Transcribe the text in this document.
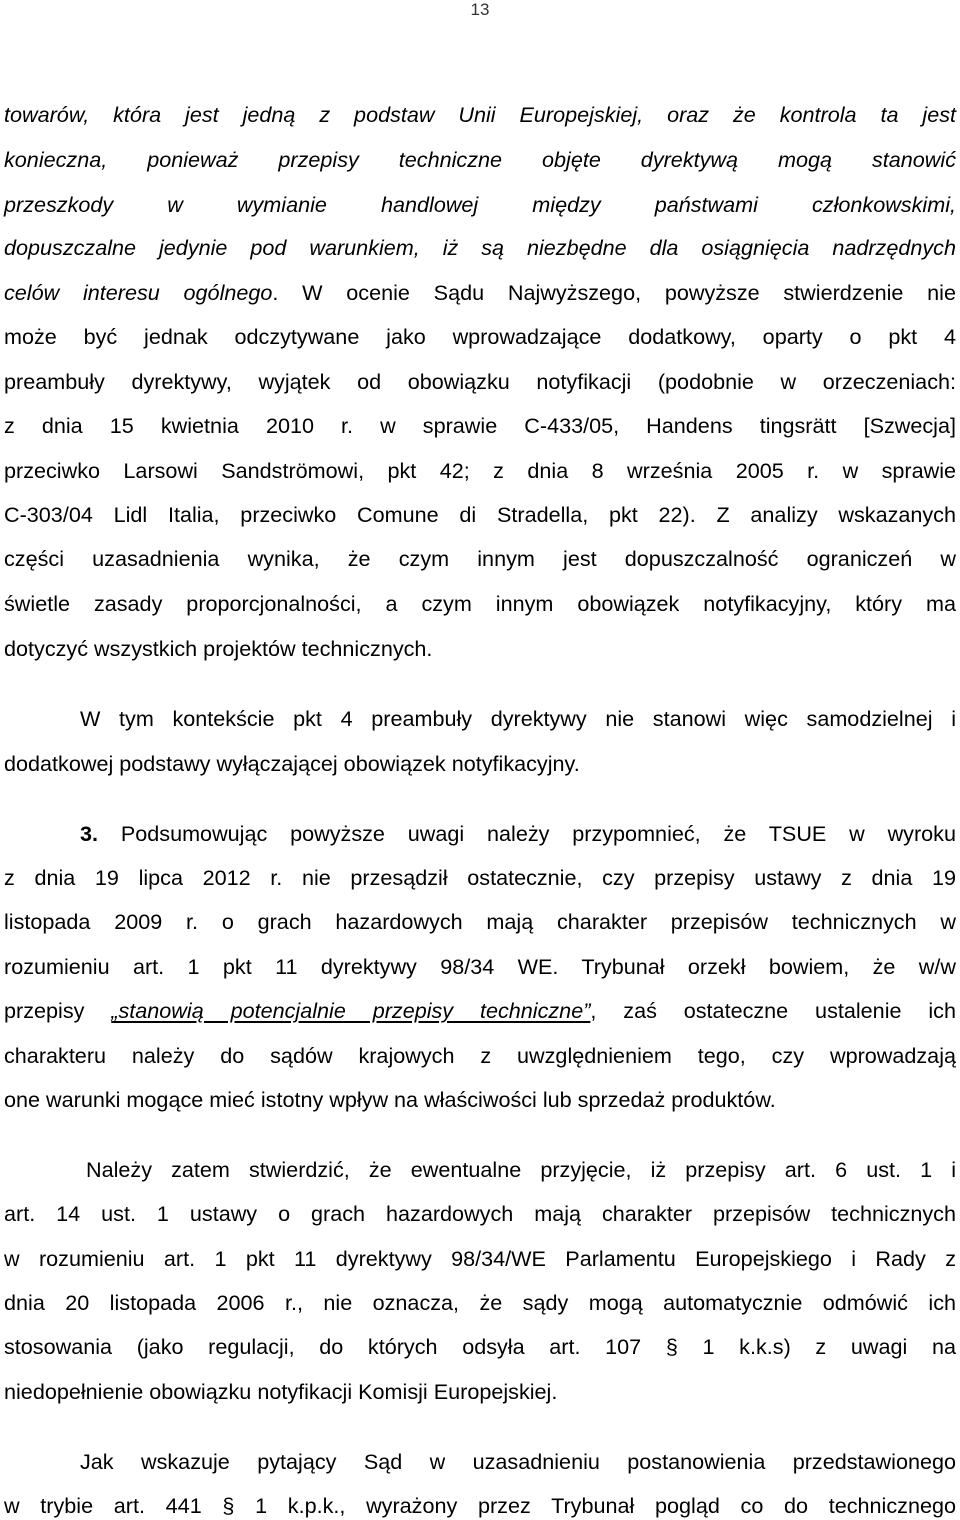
13
towarów, która jest jedną z podstaw Unii Europejskiej, oraz że kontrola ta jest
konieczna, ponieważ przepisy techniczne objęte dyrektywą mogą stanowić
przeszkody w wymianie handlowej między państwami członkowskimi,
dopuszczalne jedynie pod warunkiem, iż są niezbędne dla osiągnięcia nadrzędnych
celów interesu ogólnego. W ocenie Sądu Najwyższego, powyższe stwierdzenie nie
może być jednak odczytywane jako wprowadzające dodatkowy, oparty o pkt 4
preambuły dyrektywy, wyjątek od obowiązku notyfikacji (podobnie w orzeczeniach:
z dnia 15 kwietnia 2010 r. w sprawie C-433/05, Handens tingsrätt [Szwecja]
przeciwko Larsowi Sandströmowi, pkt 42; z dnia 8 września 2005 r. w sprawie
C-303/04 Lidl Italia, przeciwko Comune di Stradella, pkt 22). Z analizy wskazanych
części uzasadnienia wynika, że czym innym jest dopuszczalność ograniczeń w
świetle zasady proporcjonalności, a czym innym obowiązek notyfikacyjny, który ma
dotyczyć wszystkich projektów technicznych.
W tym kontekście pkt 4 preambuły dyrektywy nie stanowi więc samodzielnej i
dodatkowej podstawy wyłączającej obowiązek notyfikacyjny.
3. Podsumowując powyższe uwagi należy przypomnieć, że TSUE w wyroku
z dnia 19 lipca 2012 r. nie przesądził ostatecznie, czy przepisy ustawy z dnia 19
listopada 2009 r. o grach hazardowych mają charakter przepisów technicznych w
rozumieniu art. 1 pkt 11 dyrektywy 98/34 WE. Trybunał orzekł bowiem, że w/w
przepisy „stanowią potencjalnie przepisy techniczne”, zaś ostateczne ustalenie ich
charakteru należy do sądów krajowych z uwzględnieniem tego, czy wprowadzają
one warunki mogące mieć istotny wpływ na właściwości lub sprzedaż produktów.
Należy zatem stwierdzić, że ewentualne przyjęcie, iż przepisy art. 6 ust. 1 i
art. 14 ust. 1 ustawy o grach hazardowych mają charakter przepisów technicznych
w rozumieniu art. 1 pkt 11 dyrektywy 98/34/WE Parlamentu Europejskiego i Rady z
dnia 20 listopada 2006 r., nie oznacza, że sądy mogą automatycznie odmówić ich
stosowania (jako regulacji, do których odsyła art. 107 § 1 k.k.s) z uwagi na
niedopełnienie obowiązku notyfikacji Komisji Europejskiej.
Jak wskazuje pytający Sąd w uzasadnieniu postanowienia przedstawionego
w trybie art. 441 § 1 k.p.k., wyrażony przez Trybunał pogląd co do technicznego
